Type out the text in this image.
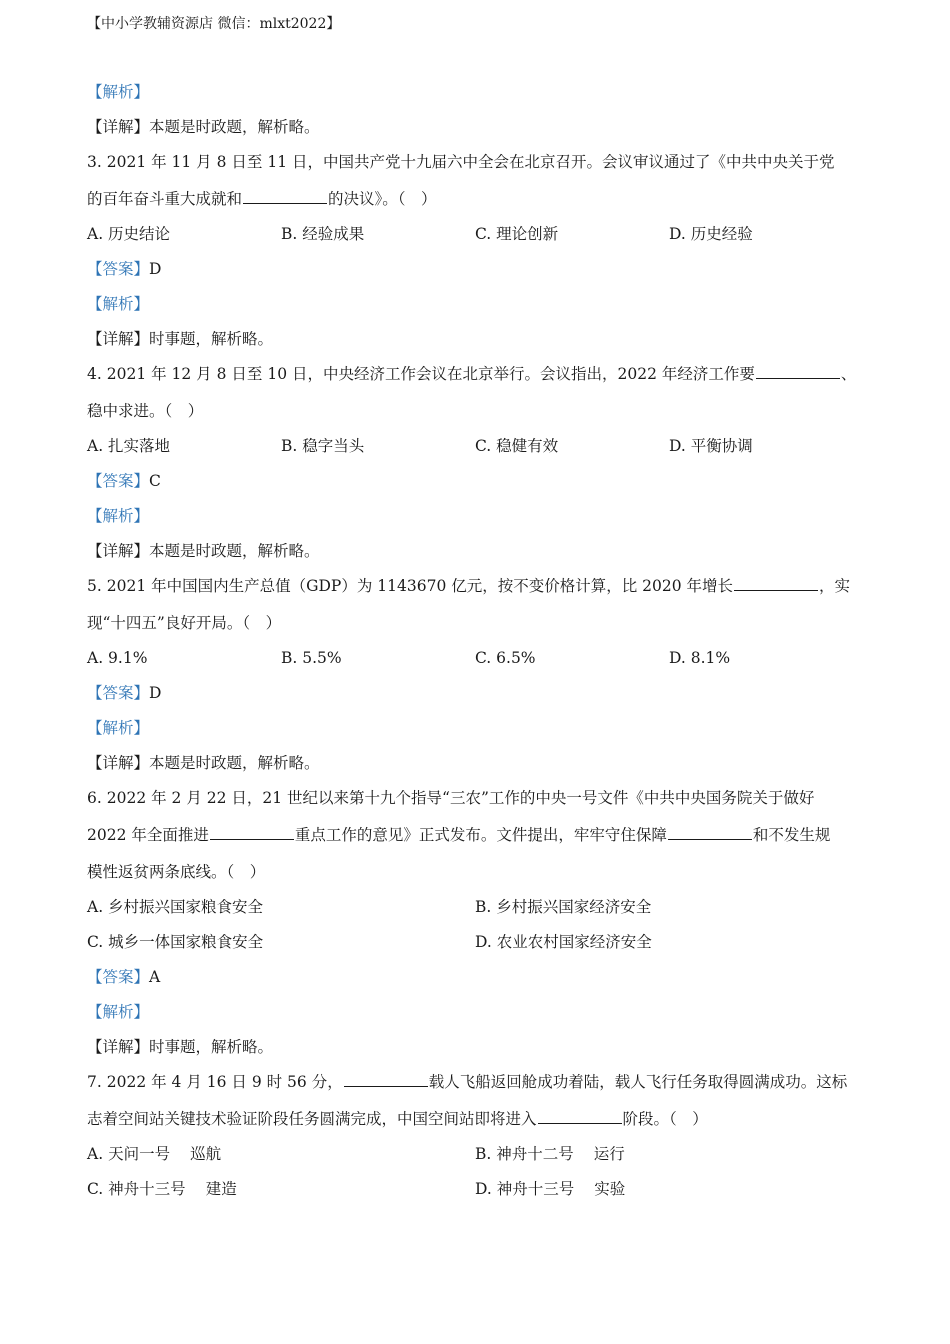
【中小学教辅资源店 微信：mlxt2022】
【解析】
【详解】本题是时政题，解析略。
3. 2021 年 11 月 8 日至 11 日，中国共产党十九届六中全会在北京召开。会议审议通过了《中共中央关于党
的百年奋斗重大成就和	的决议》。（　）
A. 历史结论	B. 经验成果	C. 理论创新	D. 历史经验
【答案】D
【解析】
【详解】时事题，解析略。
4. 2021 年 12 月 8 日至 10 日，中央经济工作会议在北京举行。会议指出，2022 年经济工作要	、
稳中求进。（　）
A. 扎实落地	B. 稳字当头	C. 稳健有效	D. 平衡协调
【答案】C
【解析】
【详解】本题是时政题，解析略。
5. 2021 年中国国内生产总值（GDP）为 1143670 亿元，按不变价格计算，比 2020 年增长	，实
现“十四五”良好开局。（　）
A. 9.1%	B. 5.5%	C. 6.5%	D. 8.1%
【答案】D
【解析】
【详解】本题是时政题，解析略。
6. 2022 年 2 月 22 日，21 世纪以来第十九个指导“三农”工作的中央一号文件《中共中央国务院关于做好
2022 年全面推进	重点工作的意见》正式发布。文件提出，牢牢守住保障	和不发生规
模性返贫两条底线。（　）
A. 乡村振兴国家粮食安全	B. 乡村振兴国家经济安全
C. 城乡一体国家粮食安全	D. 农业农村国家经济安全
【答案】A
【解析】
【详解】时事题，解析略。
7. 2022 年 4 月 16 日 9 时 56 分，	载人飞船返回舱成功着陆，载人飞行任务取得圆满成功。这标
志着空间站关键技术验证阶段任务圆满完成，中国空间站即将进入	阶段。（　）
A. 天问一号 巡航	B. 神舟十二号 运行
C. 神舟十三号 建造	D. 神舟十三号 实验
